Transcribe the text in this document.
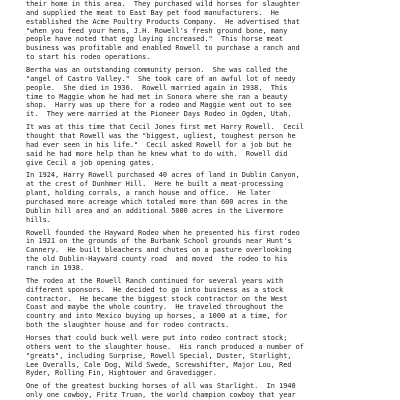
their home in this area.  They purchased wild horses for slaughter
and supplied the meat to East Bay pet food manufacturers.  He
established the Acme Poultry Products Company.  He advertised that
"when you feed your hens, J.H. Rowell's fresh ground bone, many
people have noted that egg laying increased."  This horse meat
business was profitable and enabled Rowell to purchase a ranch and
to start his rodeo operations.
Bertha was an outstanding community person.  She was called the
"angel of Castro Valley."  She took care of an awful lot of needy
people.  She died in 1936.  Rowell married again in 1938.  This
time to Maggie whom he had met in Sonora where she ran a beauty
shop.  Harry was up there for a rodeo and Maggie went out to see
it.  They were married at the Pioneer Days Rodeo in Ogden, Utah.
It was at this time that Cecil Jones first met Harry Rowell.  Cecil
thought that Rowell was the "biggest, ugliest, toughest person he
had ever seen in his life."  Cecil asked Rowell for a job but he
said he had more help than he knew what to do with.  Rowell did
give Cecil a job opening gates.
In 1924, Harry Rowell purchased 40 acres of land in Dublin Canyon,
at the crest of Dunhmer Hill.  Here he built a meat-processing
plant, holding corrals, a ranch house and office.  He later
purchased more acreage which totaled more than 600 acres in the
Dublin hill area and an additional 5000 acres in the Livermore
hills.
Rowell founded the Hayward Rodeo when he presented his first rodeo
in 1921 on the grounds of the Burbank School grounds near Hunt's
Cannery.  He built bleachers and chutes on a pasture overlooking
the old Dublin-Hayward county road  and moved  the rodeo to his
ranch in 1938.
The rodeo at the Rowell Ranch continued for several years with
different sponsors.  He decided to go into business as a stock
contractor.  He became the biggest stock contractor on the West
Coast and maybe the whole country.  He traveled throughout the
country and into Mexico buying up horses, a 1000 at a time, for
both the slaughter house and for rodeo contracts.
Horses that could buck well were put into rodeo contract stock;
others went to the slaughter house.  His ranch produced a number of
"greats", including Surprise, Rowell Special, Duster, Starlight,
Lee Overalls, Cale Dog, Wild Swede, Screwshifter, Major Lou, Red
Ryder, Rolling Fin, Hightower and Gravedigger.
One of the greatest bucking horses of all was Starlight.  In 1940
only one cowboy, Fritz Truan, the world champion cowboy that year
